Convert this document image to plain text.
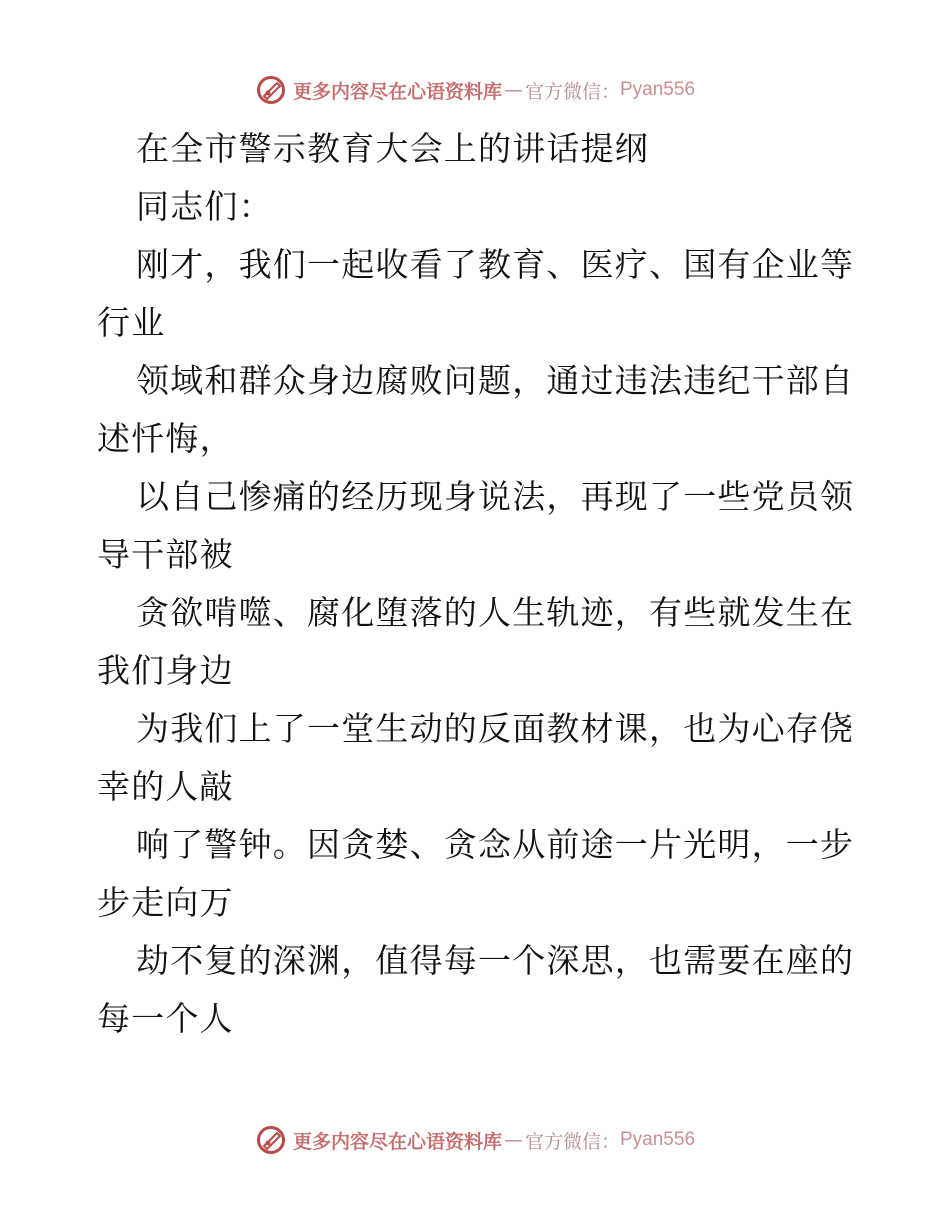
更多内容尽在心语资料库 — 官方微信： Pyan556
在全市警示教育大会上的讲话提纲
同志们：
刚才，我们一起收看了教育、医疗、国有企业等
行业
领域和群众身边腐败问题，通过违法违纪干部自
述忏悔，
以自己惨痛的经历现身说法，再现了一些党员领
导干部被
贪欲啃噬、腐化堕落的人生轨迹，有些就发生在
我们身边
为我们上了一堂生动的反面教材课，也为心存侥
幸的人敲
响了警钟。因贪婪、贪念从前途一片光明，一步
步走向万
劫不复的深渊，值得每一个深思，也需要在座的
每一个人
更多内容尽在心语资料库 — 官方微信： Pyan556
